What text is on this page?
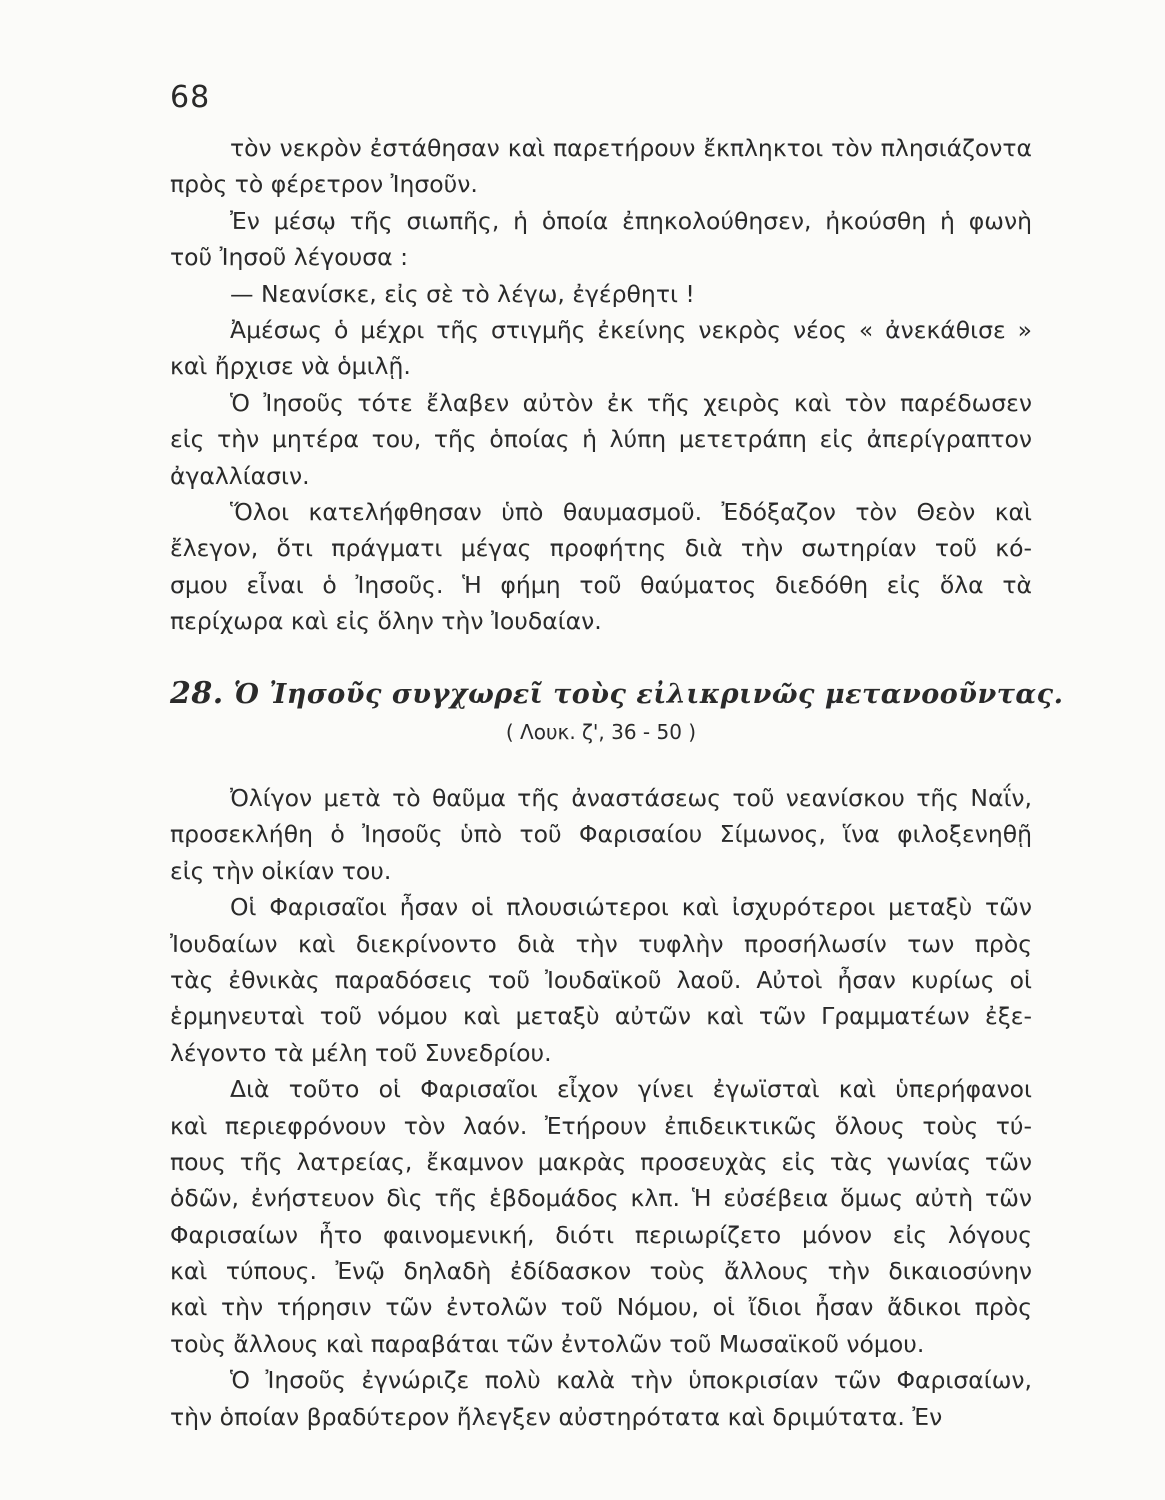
68
τὸν νεκρὸν ἐστάθησαν καὶ παρετήρουν ἔκπληκτοι τὸν πλησιάζοντα
πρὸς τὸ φέρετρον Ἰησοῦν.
Ἐν μέσῳ τῆς σιωπῆς, ἡ ὁποία ἐπηκολούθησεν, ἠκούσθη ἡ φωνὴ
τοῦ Ἰησοῦ λέγουσα :
— Νεανίσκε, εἰς σὲ τὸ λέγω, ἐγέρθητι !
Ἀμέσως ὁ μέχρι τῆς στιγμῆς ἐκείνης νεκρὸς νέος « ἀνεκάθισε »
καὶ ἤρχισε νὰ ὁμιλῇ.
Ὁ Ἰησοῦς τότε ἔλαβεν αὐτὸν ἐκ τῆς χειρὸς καὶ τὸν παρέδωσεν
εἰς τὴν μητέρα του, τῆς ὁποίας ἡ λύπη μετετράπη εἰς ἀπερίγραπτον
ἀγαλλίασιν.
Ὅλοι κατελήφθησαν ὑπὸ θαυμασμοῦ. Ἐδόξαζον τὸν Θεὸν καὶ
ἔλεγον, ὅτι πράγματι μέγας προφήτης διὰ τὴν σωτηρίαν τοῦ κό-
σμου εἶναι ὁ Ἰησοῦς. Ἡ φήμη τοῦ θαύματος διεδόθη εἰς ὅλα τὰ
περίχωρα καὶ εἰς ὅλην τὴν Ἰουδαίαν.
28. Ὁ Ἰησοῦς συγχωρεῖ τοὺς εἰλικρινῶς μετανοοῦντας.
( Λουκ. ζ', 36 - 50 )
Ὀλίγον μετὰ τὸ θαῦμα τῆς ἀναστάσεως τοῦ νεανίσκου τῆς Ναΐν,
προσεκλήθη ὁ Ἰησοῦς ὑπὸ τοῦ Φαρισαίου Σίμωνος, ἵνα φιλοξενηθῇ
εἰς τὴν οἰκίαν του.
Οἱ Φαρισαῖοι ἦσαν οἱ πλουσιώτεροι καὶ ἰσχυρότεροι μεταξὺ τῶν
Ἰουδαίων καὶ διεκρίνοντο διὰ τὴν τυφλὴν προσήλωσίν των πρὸς
τὰς ἐθνικὰς παραδόσεις τοῦ Ἰουδαϊκοῦ λαοῦ. Αὐτοὶ ἦσαν κυρίως οἱ
ἑρμηνευταὶ τοῦ νόμου καὶ μεταξὺ αὐτῶν καὶ τῶν Γραμματέων ἐξε-
λέγοντο τὰ μέλη τοῦ Συνεδρίου.
Διὰ τοῦτο οἱ Φαρισαῖοι εἶχον γίνει ἐγωϊσταὶ καὶ ὑπερήφανοι
καὶ περιεφρόνουν τὸν λαόν. Ἐτήρουν ἐπιδεικτικῶς ὅλους τοὺς τύ-
πους τῆς λατρείας, ἔκαμνον μακρὰς προσευχὰς εἰς τὰς γωνίας τῶν
ὁδῶν, ἐνήστευον δὶς τῆς ἑβδομάδος κλπ. Ἡ εὐσέβεια ὅμως αὐτὴ τῶν
Φαρισαίων ἦτο φαινομενική, διότι περιωρίζετο μόνον εἰς λόγους
καὶ τύπους. Ἐνῷ δηλαδὴ ἐδίδασκον τοὺς ἄλλους τὴν δικαιοσύνην
καὶ τὴν τήρησιν τῶν ἐντολῶν τοῦ Νόμου, οἱ ἴδιοι ἦσαν ἄδικοι πρὸς
τοὺς ἄλλους καὶ παραβάται τῶν ἐντολῶν τοῦ Μωσαϊκοῦ νόμου.
Ὁ Ἰησοῦς ἐγνώριζε πολὺ καλὰ τὴν ὑποκρισίαν τῶν Φαρισαίων,
τὴν ὁποίαν βραδύτερον ἤλεγξεν αὐστηρότατα καὶ δριμύτατα. Ἐν
